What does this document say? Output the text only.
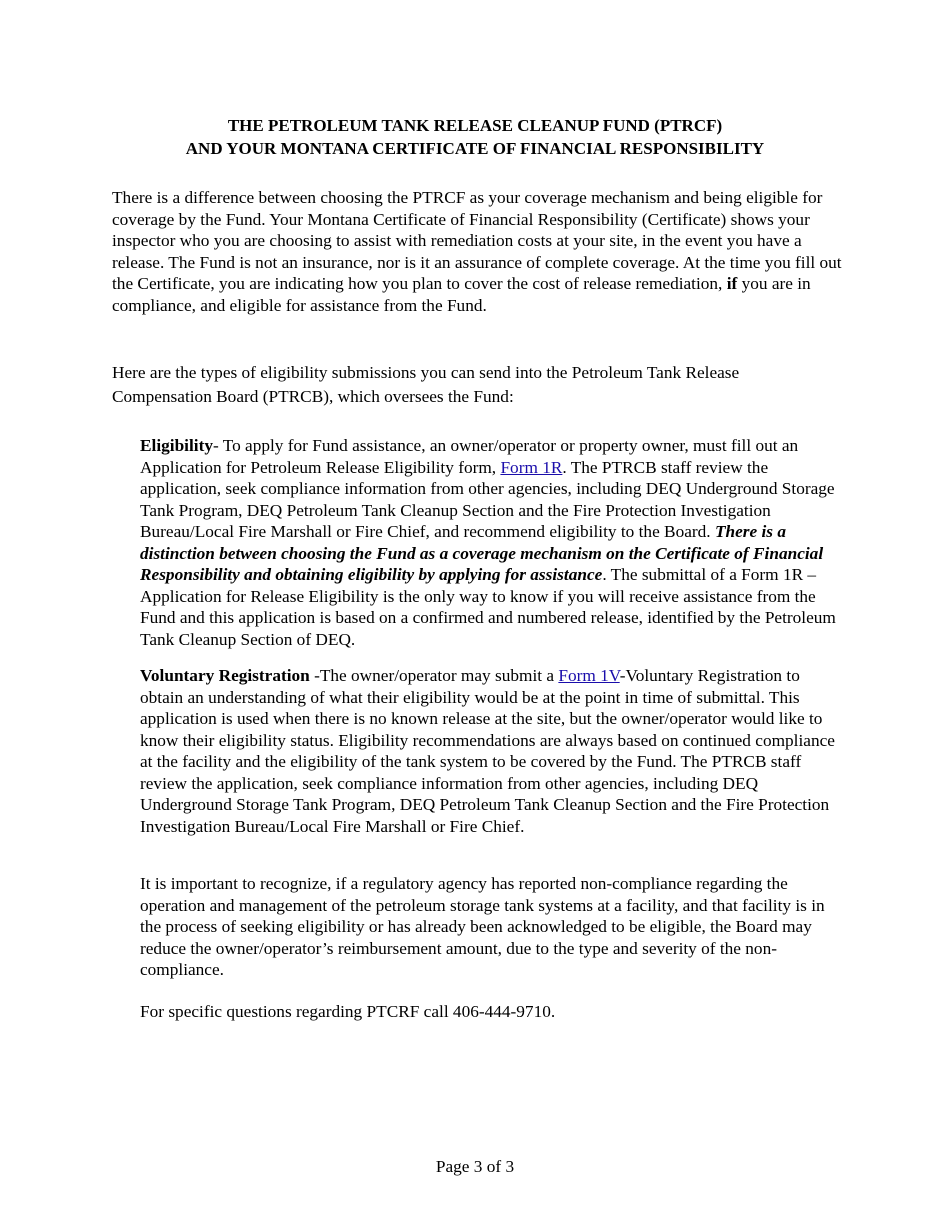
THE PETROLEUM TANK RELEASE CLEANUP FUND (PTRCF)
AND YOUR MONTANA CERTIFICATE OF FINANCIAL RESPONSIBILITY

There is a difference between choosing the PTRCF as your coverage mechanism and being eligible for coverage by the Fund. Your Montana Certificate of Financial Responsibility (Certificate) shows your inspector who you are choosing to assist with remediation costs at your site, in the event you have a release. The Fund is not an insurance, nor is it an assurance of complete coverage. At the time you fill out the Certificate, you are indicating how you plan to cover the cost of release remediation, if you are in compliance, and eligible for assistance from the Fund.

Here are the types of eligibility submissions you can send into the Petroleum Tank Release Compensation Board (PTRCB), which oversees the Fund:

Eligibility- To apply for Fund assistance, an owner/operator or property owner, must fill out an Application for Petroleum Release Eligibility form, Form 1R. The PTRCB staff review the application, seek compliance information from other agencies, including DEQ Underground Storage Tank Program, DEQ Petroleum Tank Cleanup Section and the Fire Protection Investigation Bureau/Local Fire Marshall or Fire Chief, and recommend eligibility to the Board. There is a distinction between choosing the Fund as a coverage mechanism on the Certificate of Financial Responsibility and obtaining eligibility by applying for assistance. The submittal of a Form 1R – Application for Release Eligibility is the only way to know if you will receive assistance from the Fund and this application is based on a confirmed and numbered release, identified by the Petroleum Tank Cleanup Section of DEQ.

Voluntary Registration -The owner/operator may submit a Form 1V-Voluntary Registration to obtain an understanding of what their eligibility would be at the point in time of submittal. This application is used when there is no known release at the site, but the owner/operator would like to know their eligibility status. Eligibility recommendations are always based on continued compliance at the facility and the eligibility of the tank system to be covered by the Fund. The PTRCB staff review the application, seek compliance information from other agencies, including DEQ Underground Storage Tank Program, DEQ Petroleum Tank Cleanup Section and the Fire Protection Investigation Bureau/Local Fire Marshall or Fire Chief.

It is important to recognize, if a regulatory agency has reported non-compliance regarding the operation and management of the petroleum storage tank systems at a facility, and that facility is in the process of seeking eligibility or has already been acknowledged to be eligible, the Board may reduce the owner/operator’s reimbursement amount, due to the type and severity of the non-compliance.

For specific questions regarding PTCRF call 406-444-9710.

Page 3 of 3
